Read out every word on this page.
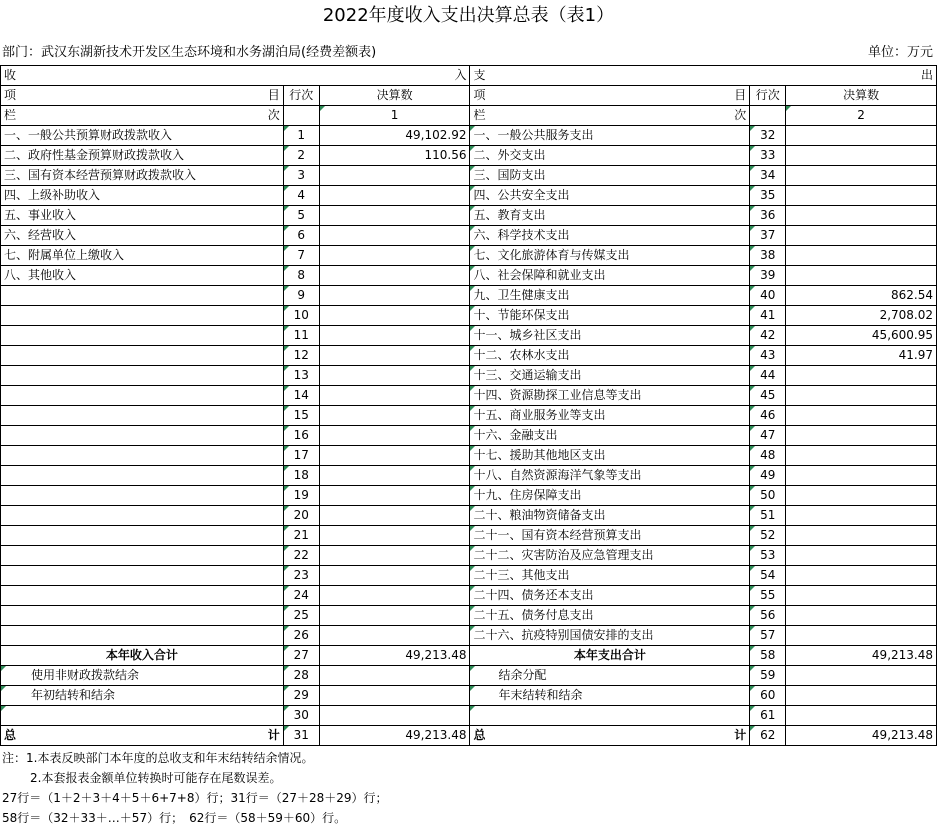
2022年度收入支出决算总表（表1）
部门：武汉东湖新技术开发区生态环境和水务湖泊局(经费差额表)	单位：万元
收 入			支 出		

项 目	行次	决算数	项 目	行次	决算数

栏 次		1	栏 次		2
一、一般公共预算财政拨款收入	1	49,102.92	一、一般公共服务支出	32	
二、政府性基金预算财政拨款收入	2	110.56	二、外交支出	33	
三、国有资本经营预算财政拨款收入	3		三、国防支出	34	
四、上级补助收入	4		四、公共安全支出	35	
五、事业收入	5		五、教育支出	36	
六、经营收入	6		六、科学技术支出	37	
七、附属单位上缴收入	7		七、文化旅游体育与传媒支出	38	
八、其他收入	8		八、社会保障和就业支出	39	
	9		九、卫生健康支出	40	862.54
	10		十、节能环保支出	41	2,708.02
	11		十一、城乡社区支出	42	45,600.95
	12		十二、农林水支出	43	41.97
	13		十三、交通运输支出	44	
	14		十四、资源勘探工业信息等支出	45	
	15		十五、商业服务业等支出	46	
	16		十六、金融支出	47	
	17		十七、援助其他地区支出	48	
	18		十八、自然资源海洋气象等支出	49	
	19		十九、住房保障支出	50	
	20		二十、粮油物资储备支出	51	
	21		二十一、国有资本经营预算支出	52	
	22		二十二、灾害防治及应急管理支出	53	
	23		二十三、其他支出	54	
	24		二十四、债务还本支出	55	
	25		二十五、债务付息支出	56	
	26		二十六、抗疫特别国债安排的支出	57	
本年收入合计	27	49,213.48	本年支出合计	58	49,213.48
使用非财政拨款结余	28		结余分配	59	
年初结转和结余	29		年末结转和结余	60	
	30			61	

总 计	31	49,213.48	总 计	62	49,213.48
注：1.本表反映部门本年度的总收支和年末结转结余情况。
2.本套报表金额单位转换时可能存在尾数误差。
27行＝（1＋2＋3＋4＋5＋6+7+8）行；31行＝（27＋28＋29）行；
58行＝（32＋33＋…＋57）行；　62行＝（58＋59＋60）行。
